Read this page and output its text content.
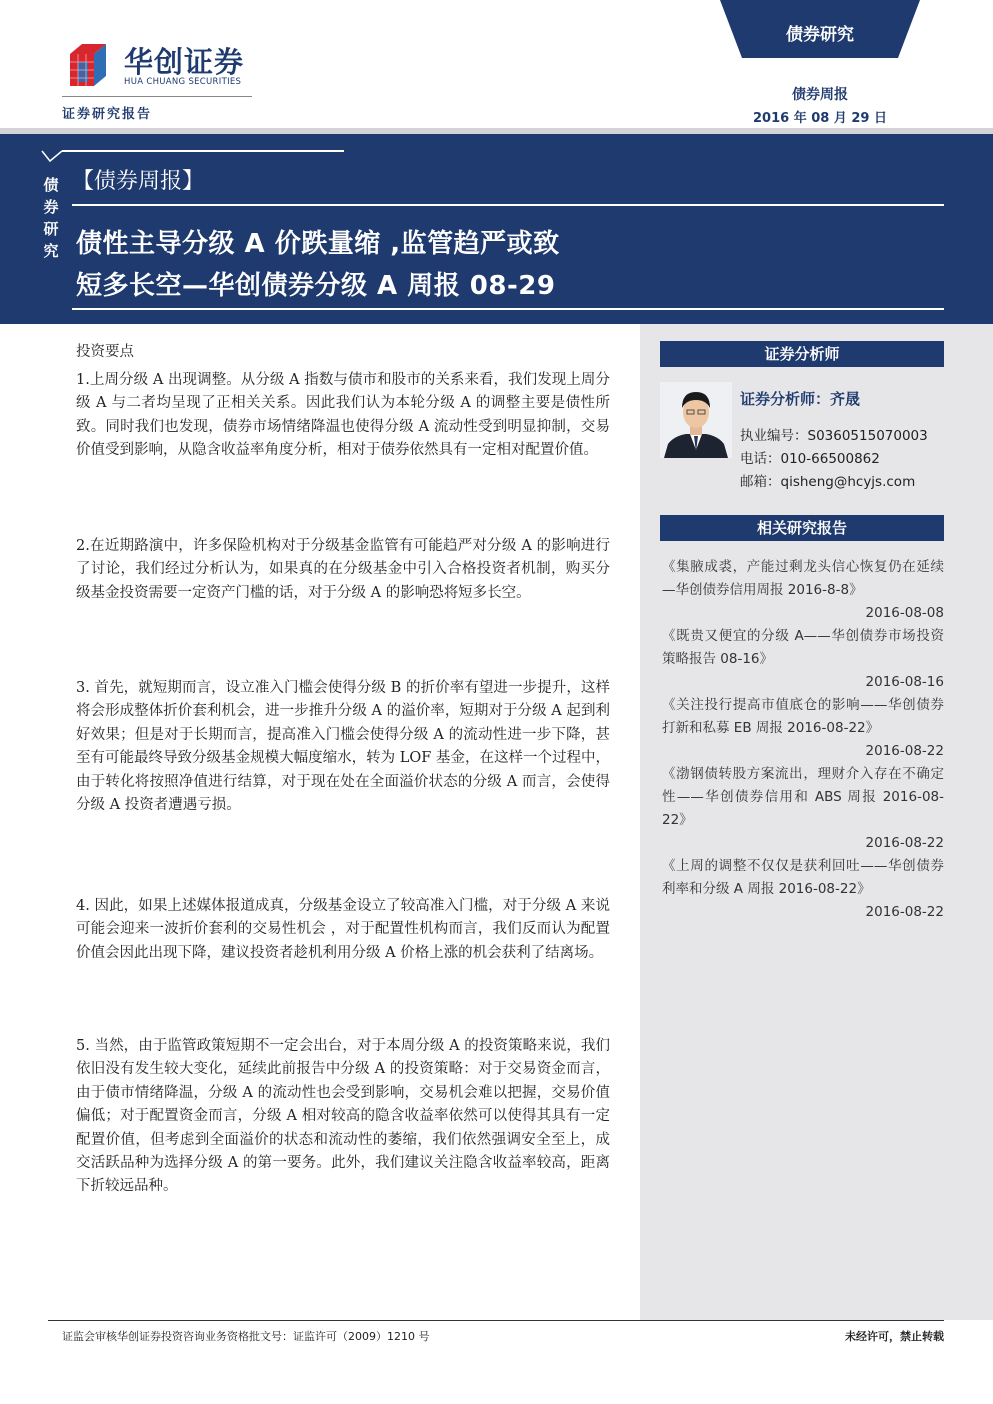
华创证券
HUA CHUANG SECURITIES
证券研究报告
债券研究
债券周报
2016 年 08 月 29 日
【债券周报】
债券研究 债性主导分级 A 价跌量缩 ,监管趋严或致
短多长空—华创债券分级 A 周报 08-29
证券分析师
证券分析师：齐晟
执业编号：S0360515070003
电话：010-66500862
邮箱：qisheng@hcyjs.com
相关研究报告
《集腋成裘，产能过剩龙头信心恢复仍在延续—华创债券信用周报 2016-8-8》
2016-08-08
《既贵又便宜的分级 A——华创债券市场投资策略报告 08-16》
2016-08-16
《关注投行提高市值底仓的影响——华创债券打新和私募 EB 周报 2016-08-22》
2016-08-22
《渤钢债转股方案流出，理财介入存在不确定性——华创债券信用和 ABS 周报 2016-08-22》
2016-08-22
《上周的调整不仅仅是获利回吐——华创债券利率和分级 A 周报 2016-08-22》
2016-08-22
投资要点
1.上周分级 A 出现调整。从分级 A 指数与债市和股市的关系来看，我们发现上周分级 A 与二者均呈现了正相关关系。因此我们认为本轮分级 A 的调整主要是债性所致。同时我们也发现，债券市场情绪降温也使得分级 A 流动性受到明显抑制，交易价值受到影响，从隐含收益率角度分析，相对于债券依然具有一定相对配置价值。
2.在近期路演中，许多保险机构对于分级基金监管有可能趋严对分级 A 的影响进行了讨论，我们经过分析认为，如果真的在分级基金中引入合格投资者机制，购买分级基金投资需要一定资产门槛的话，对于分级 A 的影响恐将短多长空。
3. 首先，就短期而言，设立准入门槛会使得分级 B 的折价率有望进一步提升，这样将会形成整体折价套利机会，进一步推升分级 A 的溢价率，短期对于分级 A 起到利好效果；但是对于长期而言，提高准入门槛会使得分级 A 的流动性进一步下降，甚至有可能最终导致分级基金规模大幅度缩水，转为 LOF 基金，在这样一个过程中，由于转化将按照净值进行结算，对于现在处在全面溢价状态的分级 A 而言，会使得分级 A 投资者遭遇亏损。
4. 因此，如果上述媒体报道成真，分级基金设立了较高准入门槛，对于分级 A 来说可能会迎来一波折价套利的交易性机会 ，对于配置性机构而言，我们反而认为配置价值会因此出现下降，建议投资者趁机利用分级 A 价格上涨的机会获利了结离场。
5. 当然，由于监管政策短期不一定会出台，对于本周分级 A 的投资策略来说，我们依旧没有发生较大变化，延续此前报告中分级 A 的投资策略：对于交易资金而言，由于债市情绪降温，分级 A 的流动性也会受到影响，交易机会难以把握，交易价值偏低；对于配置资金而言，分级 A 相对较高的隐含收益率依然可以使得其具有一定配置价值，但考虑到全面溢价的状态和流动性的萎缩，我们依然强调安全至上，成交活跃品种为选择分级 A 的第一要务。此外，我们建议关注隐含收益率较高，距离下折较远品种。
证监会审核华创证券投资咨询业务资格批文号：证监许可（2009）1210 号	未经许可，禁止转载
